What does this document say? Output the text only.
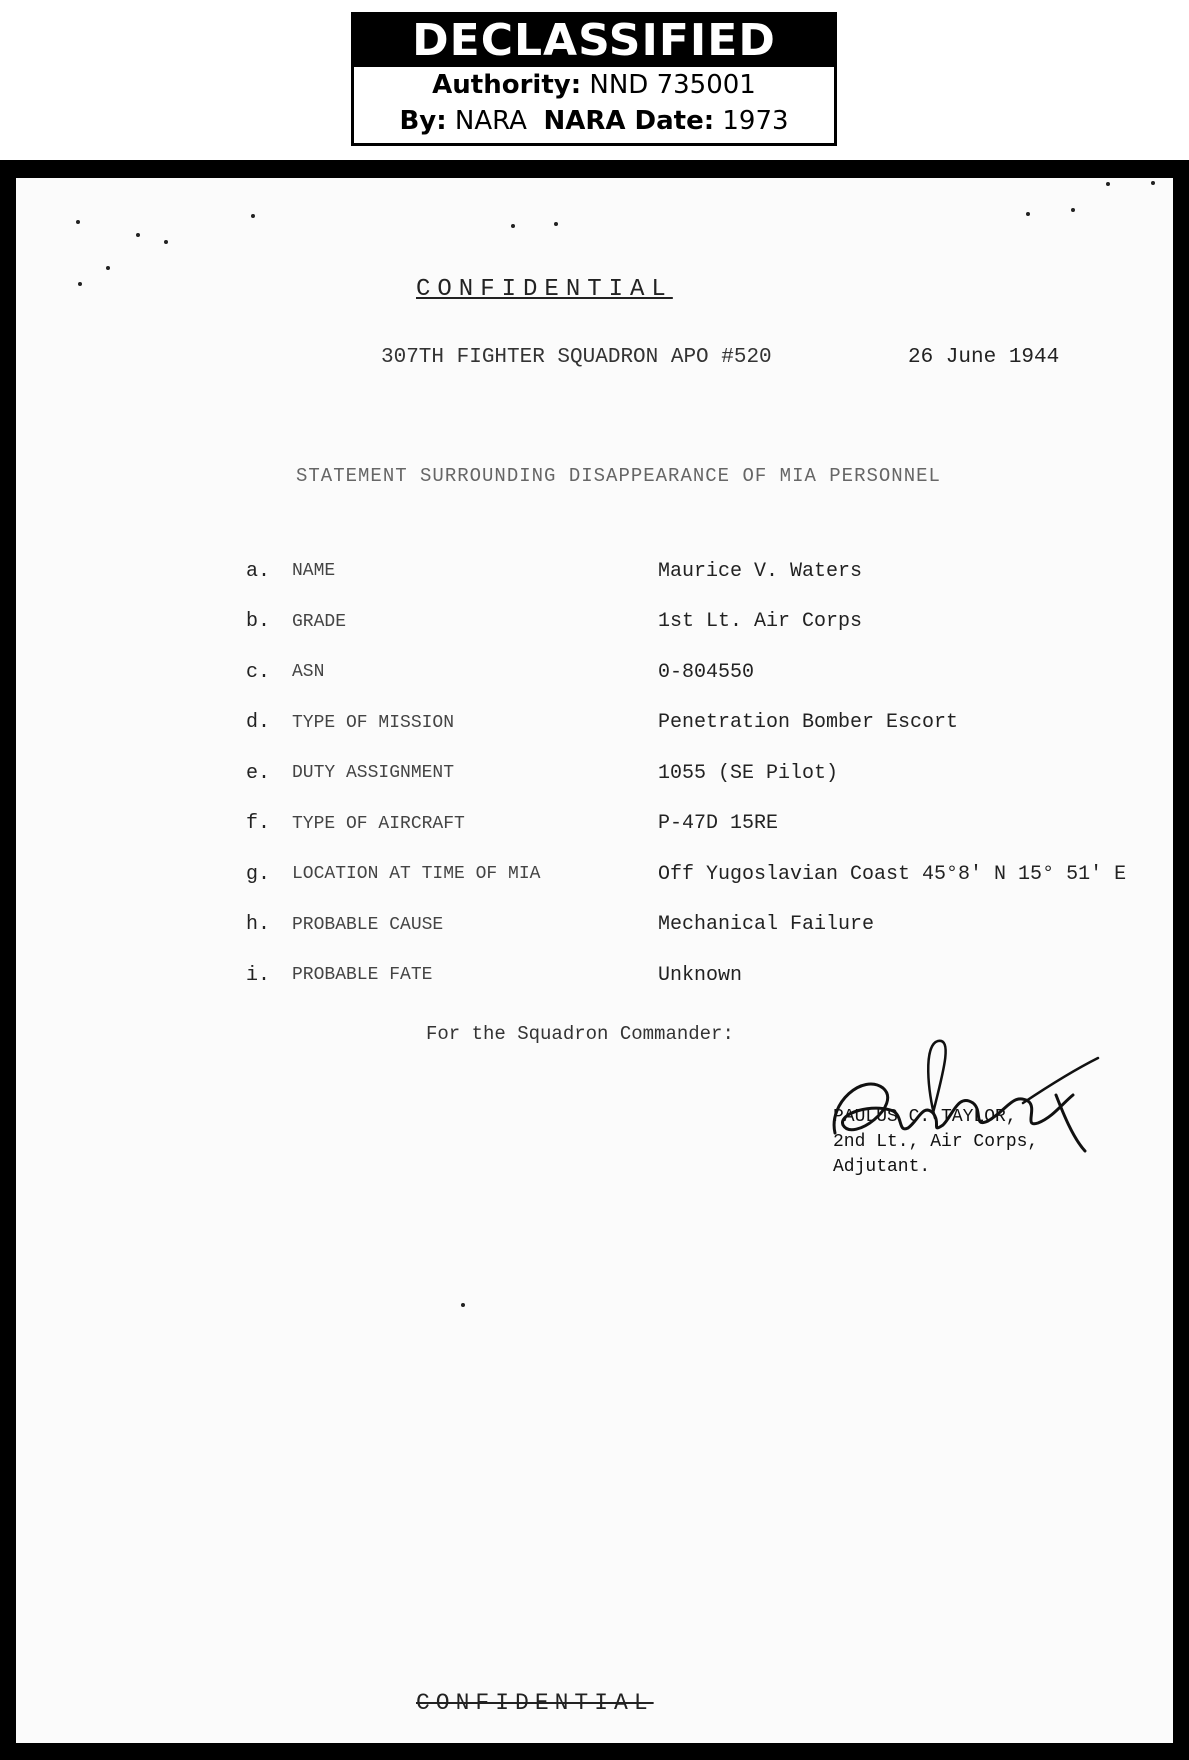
DECLASSIFIED
Authority: NND 735001
By: NARA NARA Date: 1973
CONFIDENTIAL
307TH FIGHTER SQUADRON APO #520	26 June 1944
STATEMENT SURROUNDING DISAPPEARANCE OF MIA PERSONNEL
a.	NAME	Maurice V. Waters
b.	GRADE	1st Lt. Air Corps
c.	ASN	0-804550
d.	TYPE OF MISSION	Penetration Bomber Escort
e.	DUTY ASSIGNMENT	1055 (SE Pilot)
f.	TYPE OF AIRCRAFT	P-47D 15RE
g.	LOCATION AT TIME OF MIA	Off Yugoslavian Coast 45°8' N 15° 51' E
h.	PROBABLE CAUSE	Mechanical Failure
i.	PROBABLE FATE	Unknown
For the Squadron Commander:
PAULUS C. TAYLOR,
2nd Lt., Air Corps,
Adjutant.
CONFIDENTIAL
